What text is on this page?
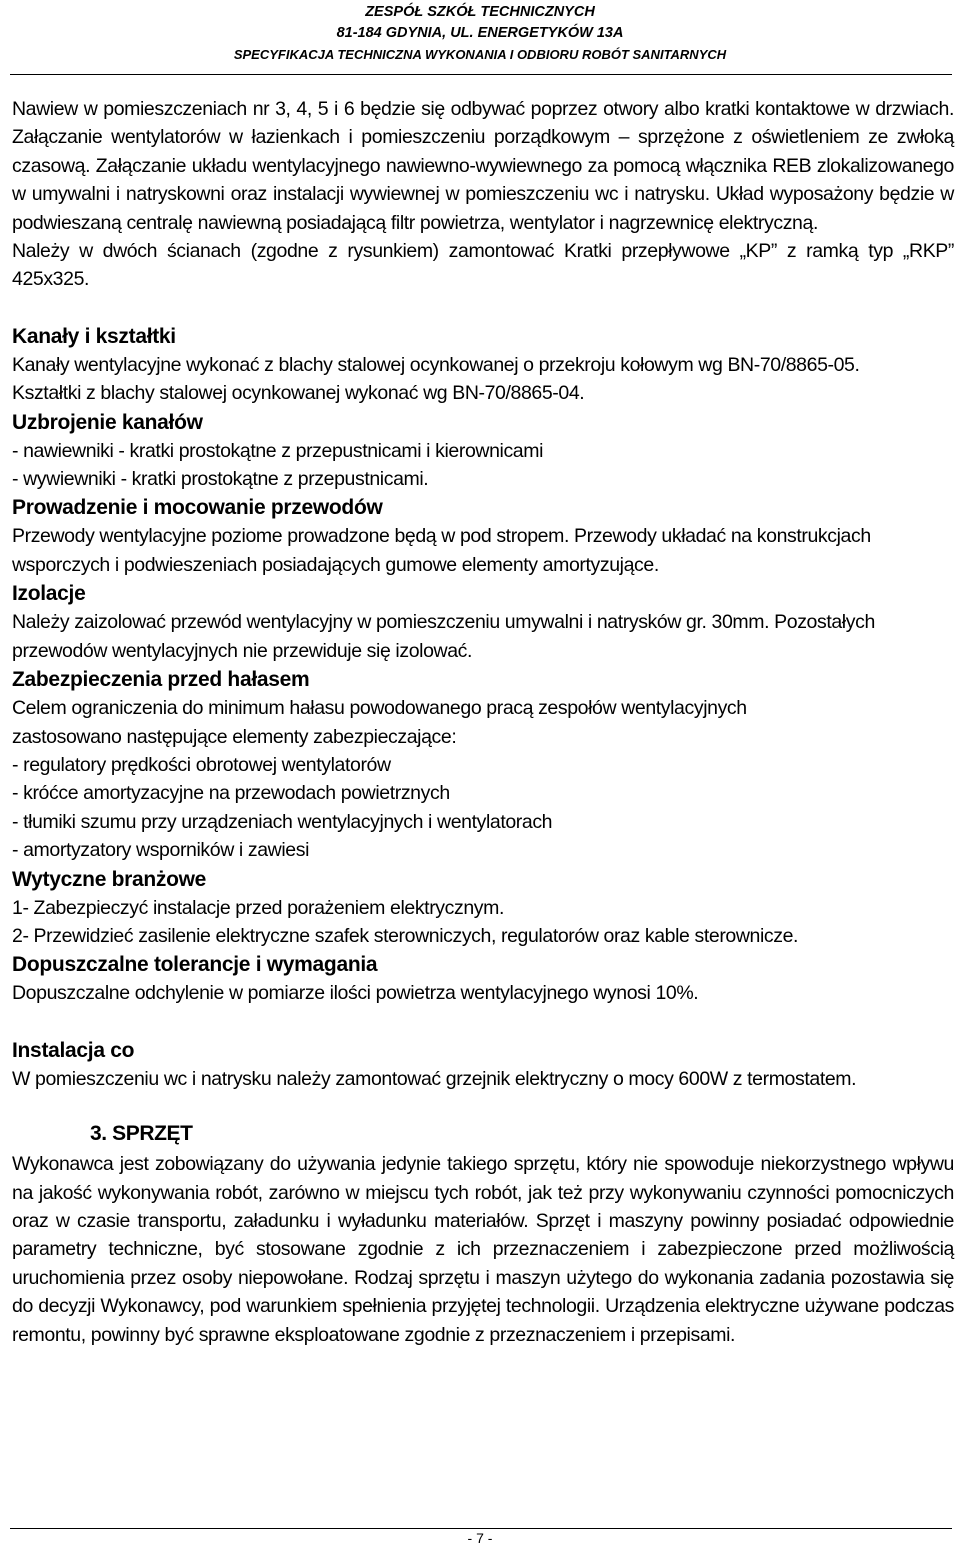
ZESPÓŁ SZKÓŁ TECHNICZNYCH
81-184 GDYNIA, UL. ENERGETYKÓW 13A
SPECYFIKACJA TECHNICZNA WYKONANIA I ODBIORU ROBÓT SANITARNYCH

Nawiew w pomieszczeniach nr 3, 4, 5 i 6 będzie się odbywać poprzez otwory albo kratki kontaktowe w drzwiach. Załączanie wentylatorów w łazienkach i pomieszczeniu porządkowym – sprzężone z oświetleniem ze zwłoką czasową. Załączanie układu wentylacyjnego nawiewno-wywiewnego za pomocą włącznika REB zlokalizowanego w umywalni i natryskowni oraz instalacji wywiewnej w pomieszczeniu wc i natrysku. Układ wyposażony będzie w podwieszaną centralę nawiewną posiadającą filtr powietrza, wentylator i nagrzewnicę elektryczną.

Należy w dwóch ścianach (zgodne z rysunkiem) zamontować Kratki przepływowe „KP” z ramką typ „RKP” 425x325.

Kanały i kształtki

Kanały wentylacyjne wykonać z blachy stalowej ocynkowanej o przekroju kołowym wg BN-70/8865-05.

Kształtki z blachy stalowej ocynkowanej wykonać wg BN-70/8865-04.

Uzbrojenie kanałów

- nawiewniki - kratki prostokątne z przepustnicami i kierownicami

- wywiewniki - kratki prostokątne z przepustnicami.

Prowadzenie i mocowanie przewodów

Przewody wentylacyjne poziome prowadzone będą w pod stropem. Przewody układać na konstrukcjach wsporczych i podwieszeniach posiadających gumowe elementy amortyzujące.

Izolacje

Należy zaizolować przewód wentylacyjny w pomieszczeniu umywalni i natrysków gr. 30mm. Pozostałych przewodów wentylacyjnych nie przewiduje się izolować.

Zabezpieczenia przed hałasem

Celem ograniczenia do minimum hałasu powodowanego pracą zespołów wentylacyjnych zastosowano następujące elementy zabezpieczające:

- regulatory prędkości obrotowej wentylatorów

- króćce amortyzacyjne na przewodach powietrznych

- tłumiki szumu przy urządzeniach wentylacyjnych i wentylatorach

- amortyzatory wsporników i zawiesi

Wytyczne branżowe

1- Zabezpieczyć instalacje przed porażeniem elektrycznym.

2- Przewidzieć zasilenie elektryczne szafek sterowniczych, regulatorów oraz kable sterownicze.

Dopuszczalne tolerancje i wymagania

Dopuszczalne odchylenie w pomiarze ilości powietrza wentylacyjnego wynosi 10%.

Instalacja co

W pomieszczeniu wc i natrysku należy zamontować grzejnik elektryczny o mocy 600W z termostatem.

3. SPRZĘT

Wykonawca jest zobowiązany do używania jedynie takiego sprzętu, który nie spowoduje niekorzystnego wpływu na jakość wykonywania robót, zarówno w miejscu tych robót, jak też przy wykonywaniu czynności pomocniczych oraz w czasie transportu, załadunku i wyładunku materiałów. Sprzęt i maszyny powinny posiadać odpowiednie parametry techniczne, być stosowane zgodnie z ich przeznaczeniem i zabezpieczone przed możliwością uruchomienia przez osoby niepowołane. Rodzaj sprzętu i maszyn użytego do wykonania zadania pozostawia się do decyzji Wykonawcy, pod warunkiem spełnienia przyjętej technologii. Urządzenia elektryczne używane podczas remontu, powinny być sprawne eksploatowane zgodnie z przeznaczeniem i przepisami.

- 7 -
